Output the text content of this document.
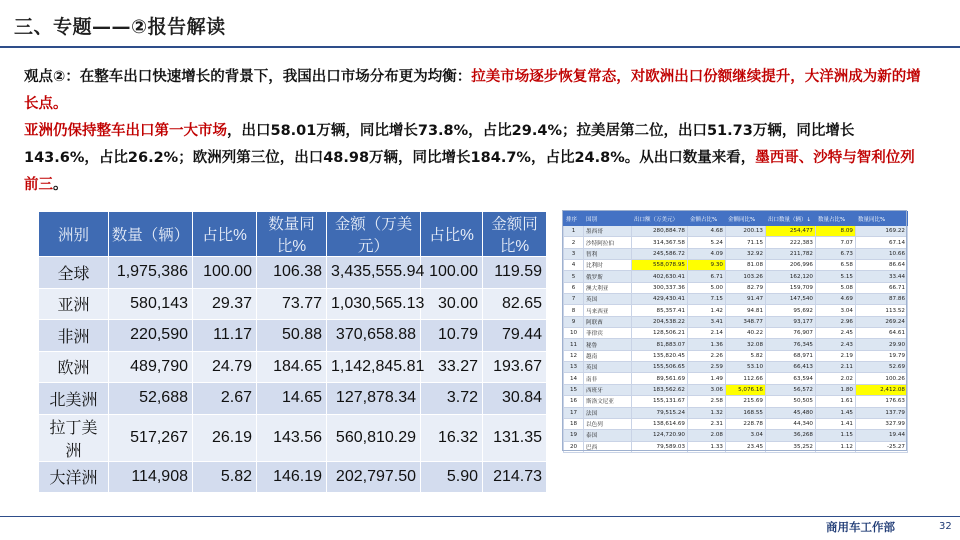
三、专题——②报告解读
观点②：在整车出口快速增长的背景下，我国出口市场分布更为均衡：拉美市场逐步恢复常态，对欧洲出口份额继续提升，大洋洲成为新的增长点。
亚洲仍保持整车出口第一大市场，出口58.01万辆，同比增长73.8%，占比29.4%；拉美居第二位，出口51.73万辆，同比增长143.6%，占比26.2%；欧洲列第三位，出口48.98万辆，同比增长184.7%，占比24.8%。从出口数量来看，墨西哥、沙特与智利位列前三。
洲别	数量（辆）	占比%	数量同比%	金额（万美元）	占比%	金额同比%
全球	1,975,386	100.00	106.38	3,435,555.94	100.00	119.59
亚洲	580,143	29.37	73.77	1,030,565.13	30.00	82.65
非洲	220,590	11.17	50.88	370,658.88	10.79	79.44
欧洲	489,790	24.79	184.65	1,142,845.81	33.27	193.67
北美洲	52,688	2.67	14.65	127,878.34	3.72	30.84
拉丁美洲	517,267	26.19	143.56	560,810.29	16.32	131.35
大洋洲	114,908	5.82	146.19	202,797.50	5.90	214.73
排序	国别	出口额（万美元）	金额占比%	金额同比%	出口数量（辆）↓	数量占比%	数量同比%
1	墨西哥	280,884.78	4.68	200.13	254,477	8.09	169.22
2	沙特阿拉伯	314,367.58	5.24	71.15	222,383	7.07	67.14
3	智利	245,586.72	4.09	32.92	211,782	6.73	10.66
4	比利时	558,078.95	9.30	81.08	206,996	6.58	86.64
5	俄罗斯	402,630.41	6.71	103.26	162,120	5.15	33.44
6	澳大利亚	300,337.36	5.00	82.79	159,709	5.08	66.71
7	英国	429,430.41	7.15	91.47	147,540	4.69	87.86
8	马来西亚	85,357.41	1.42	94.81	95,692	3.04	113.52
9	阿联酋	204,538.22	3.41	348.77	93,177	2.96	269.24
10	菲律宾	128,506.21	2.14	40.22	76,907	2.45	64.61
11	秘鲁	81,883.07	1.36	32.08	76,345	2.43	29.90
12	越南	135,820.45	2.26	5.82	68,971	2.19	19.79
13	英国	155,506.65	2.59	53.10	66,413	2.11	52.69
14	南非	89,561.69	1.49	112.66	63,594	2.02	100.26
15	西班牙	183,562.62	3.06	5,076.16	56,572	1.80	2,412.08
16	斯洛文尼亚	155,131.67	2.58	215.69	50,505	1.61	176.63
17	法国	79,515.24	1.32	168.55	45,480	1.45	137.79
18	以色列	138,614.69	2.31	228.78	44,340	1.41	327.99
19	泰国	124,720.90	2.08	3.04	36,268	1.15	19.44
20	巴西	79,589.03	1.33	23.45	35,252	1.12	-25.27
商用车工作部	32
